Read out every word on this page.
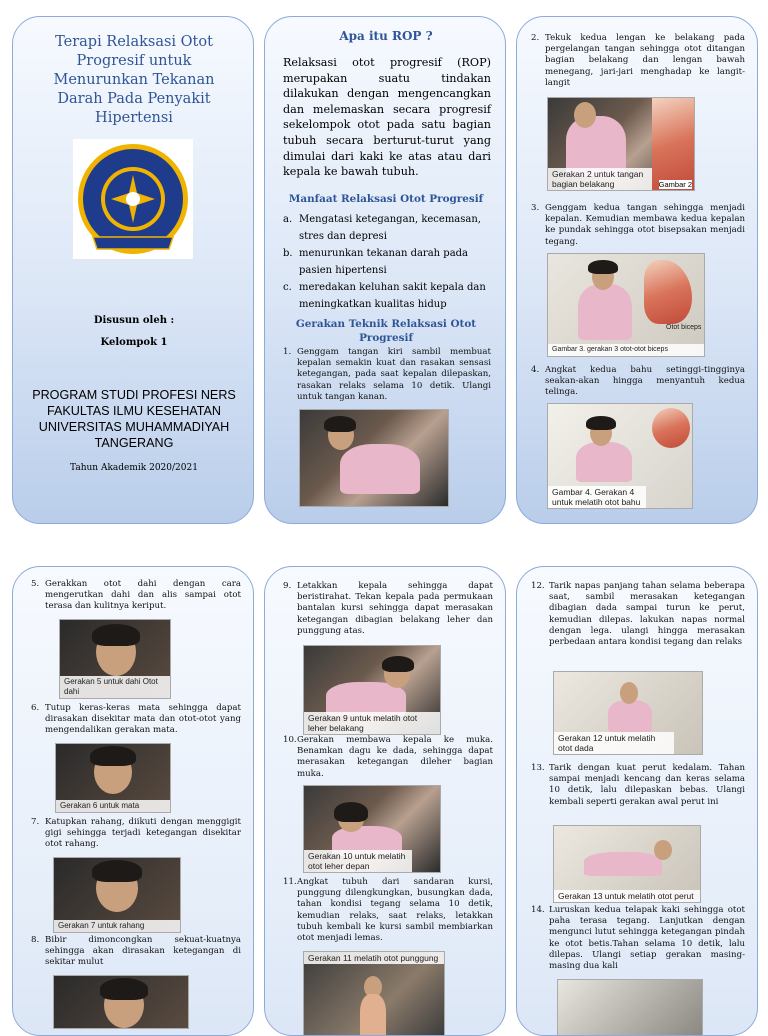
Terapi Relaksasi Otot Progresif untuk Menurunkan Tekanan Darah Pada Penyakit Hipertensi
Disusun oleh :
Kelompok 1
PROGRAM STUDI PROFESI NERS FAKULTAS ILMU KESEHATAN UNIVERSITAS MUHAMMADIYAH TANGERANG
Tahun Akademik 2020/2021
Apa itu ROP ?
Relaksasi otot progresif (ROP) merupakan suatu tindakan dilakukan dengan mengencangkan dan melemaskan secara progresif sekelompok otot pada satu bagian tubuh secara berturut-turut yang dimulai dari kaki ke atas atau dari kepala ke bawah tubuh.
Manfaat Relaksasi Otot Progresif
a. Mengatasi ketegangan, kecemasan, stres dan depresi
b. menurunkan tekanan darah pada pasien hipertensi
c. meredakan keluhan sakit kepala dan meningkatkan kualitas hidup
Gerakan Teknik Relaksasi Otot Progresif
1. Genggam tangan kiri sambil membuat kepalan semakin kuat dan rasakan sensasi ketegangan, pada saat kepalan dilepaskan, rasakan relaks selama 10 detik. Ulangi untuk tangan kanan.
2. Tekuk kedua lengan ke belakang pada pergelangan tangan sehingga otot ditangan bagian belakang dan lengan bawah menegang, jari-jari menghadap ke langit-langit
Gerakan 2 untuk tangan bagian belakang	Gambar 2
3. Genggam kedua tangan sehingga menjadi kepalan. Kemudian membawa kedua kepalan ke pundak sehingga otot bisepsakan menjadi tegang.
Otot biceps
Gambar 3. gerakan 3 otot-otot biceps
4. Angkat kedua bahu setinggi-tingginya seakan-akan hingga menyantuh kedua telinga.
Gambar 4. Gerakan 4 untuk melatih otot bahu
5. Gerakkan otot dahi dengan cara mengerutkan dahi dan alis sampai otot terasa dan kulitnya keriput.
Gerakan 5 untuk dahi Otot dahi
6. Tutup keras-keras mata sehingga dapat dirasakan disekitar mata dan otot-otot yang mengendalikan gerakan mata.
Gerakan 6 untuk mata
7. Katupkan rahang, diikuti dengan menggigit gigi sehingga terjadi ketegangan disekitar otot rahang.
Gerakan 7 untuk rahang
8. Bibir dimoncongkan sekuat-kuatnya sehingga akan dirasakan ketegangan di sekitar mulut
9. Letakkan kepala sehingga dapat beristirahat. Tekan kepala pada permukaan bantalan kursi sehingga dapat merasakan ketegangan dibagian belakang leher dan punggung atas.
Gerakan 9 untuk melatih otot leher belakang
10. Gerakan membawa kepala ke muka. Benamkan dagu ke dada, sehingga dapat merasakan ketegangan dileher bagian muka.
Gerakan 10 untuk melatih otot leher depan
11. Angkat tubuh dari sandaran kursi, punggung dilengkungkan, busungkan dada, tahan kondisi tegang selama 10 detik, kemudian relaks, saat relaks, letakkan tubuh kembali ke kursi sambil membiarkan otot menjadi lemas.
Gerakan 11 melatih otot punggung
12. Tarik napas panjang tahan selama beberapa saat, sambil merasakan ketegangan dibagian dada sampai turun ke perut, kemudian dilepas. lakukan napas normal dengan lega. ulangi hingga merasakan perbedaan antara kondisi tegang dan relaks
Gerakan 12 untuk melatih otot dada
13. Tarik dengan kuat perut kedalam. Tahan sampai menjadi kencang dan keras selama 10 detik, lalu dilepaskan bebas. Ulangi kembali seperti gerakan awal perut ini
Gerakan 13 untuk melatih otot perut
14. Luruskan kedua telapak kaki sehingga otot paha terasa tegang. Lanjutkan dengan mengunci lutut sehingga ketegangan pindah ke otot betis.Tahan selama 10 detik, lalu dilepas. Ulangi setiap gerakan masing-masing dua kali
